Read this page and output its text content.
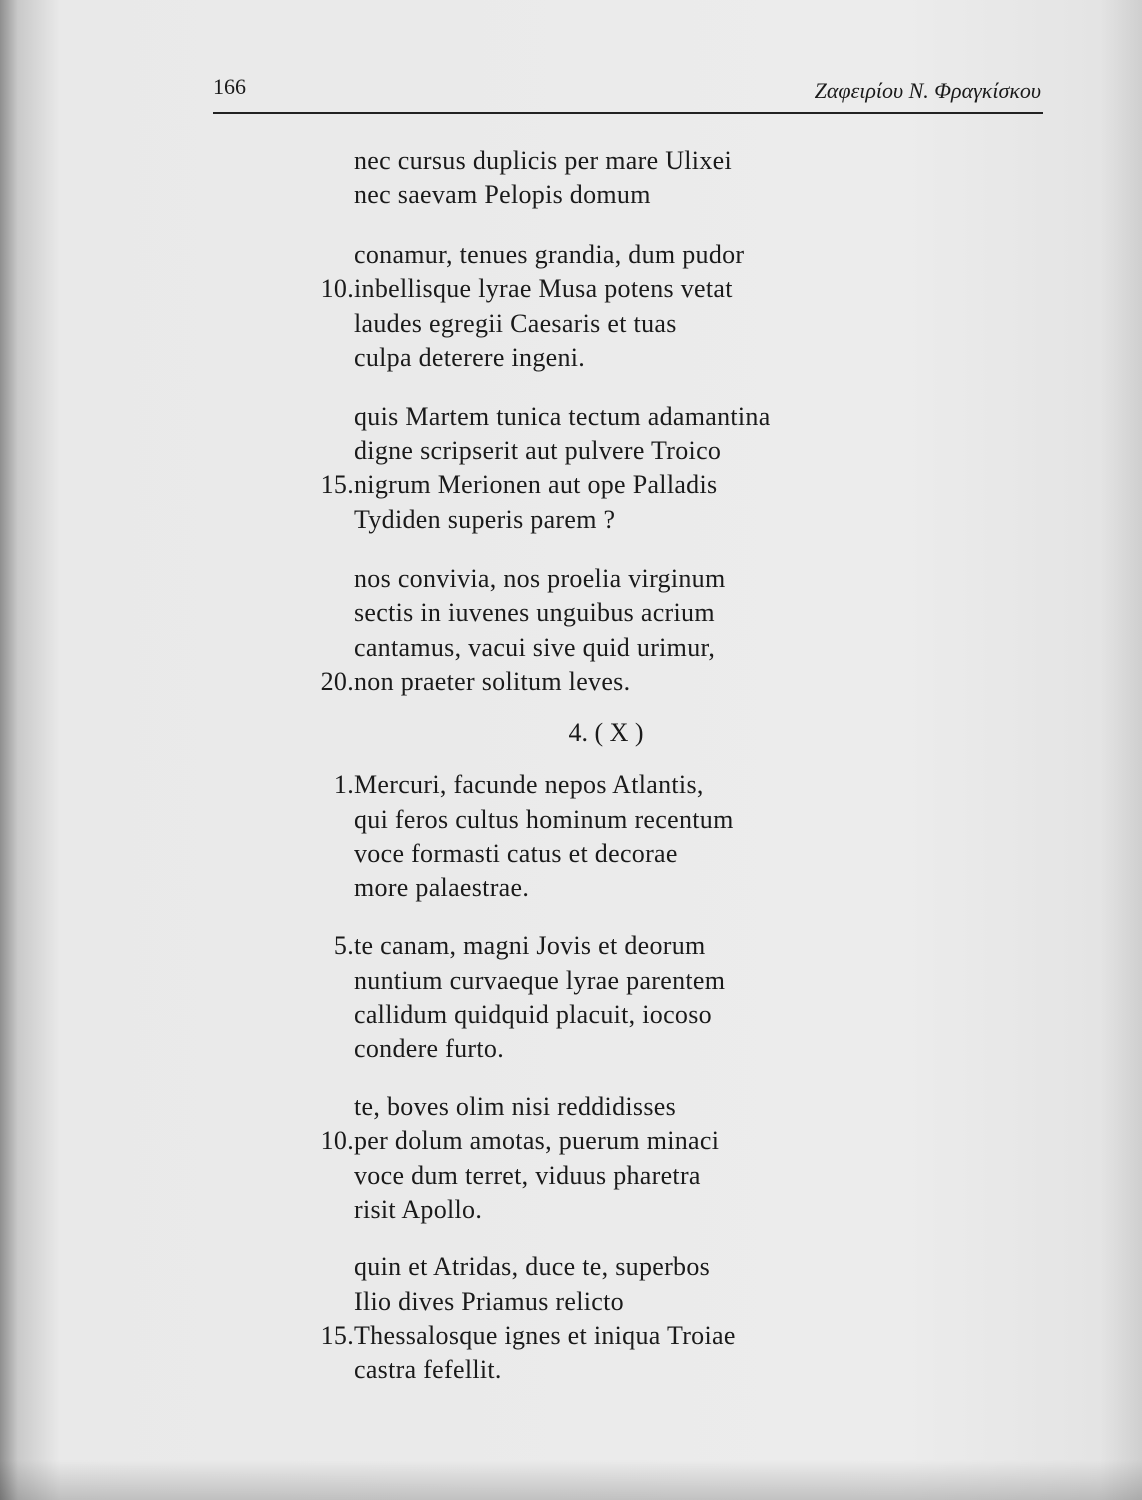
166	Ζαφειρίου Ν. Φραγκίσκου
nec cursus duplicis per mare Ulixei
nec saevam Pelopis domum
conamur, tenues grandia, dum pudor
10. inbellisque lyrae Musa potens vetat
laudes egregii Caesaris et tuas
culpa deterere ingeni.
quis Martem tunica tectum adamantina
digne scripserit aut pulvere Troico
15. nigrum Merionen aut ope Palladis
Tydiden superis parem ?
nos convivia, nos proelia virginum
sectis in iuvenes unguibus acrium
cantamus, vacui sive quid urimur,
20. non praeter solitum leves.
4. ( X )
1. Mercuri, facunde nepos Atlantis,
qui feros cultus hominum recentum
voce formasti catus et decorae
more palaestrae.
5. te canam, magni Jovis et deorum
nuntium curvaeque lyrae parentem
callidum quidquid placuit, iocoso
condere furto.
te, boves olim nisi reddidisses
10. per dolum amotas, puerum minaci
voce dum terret, viduus pharetra
risit Apollo.
quin et Atridas, duce te, superbos
Ilio dives Priamus relicto
15. Thessalosque ignes et iniqua Troiae
castra fefellit.
